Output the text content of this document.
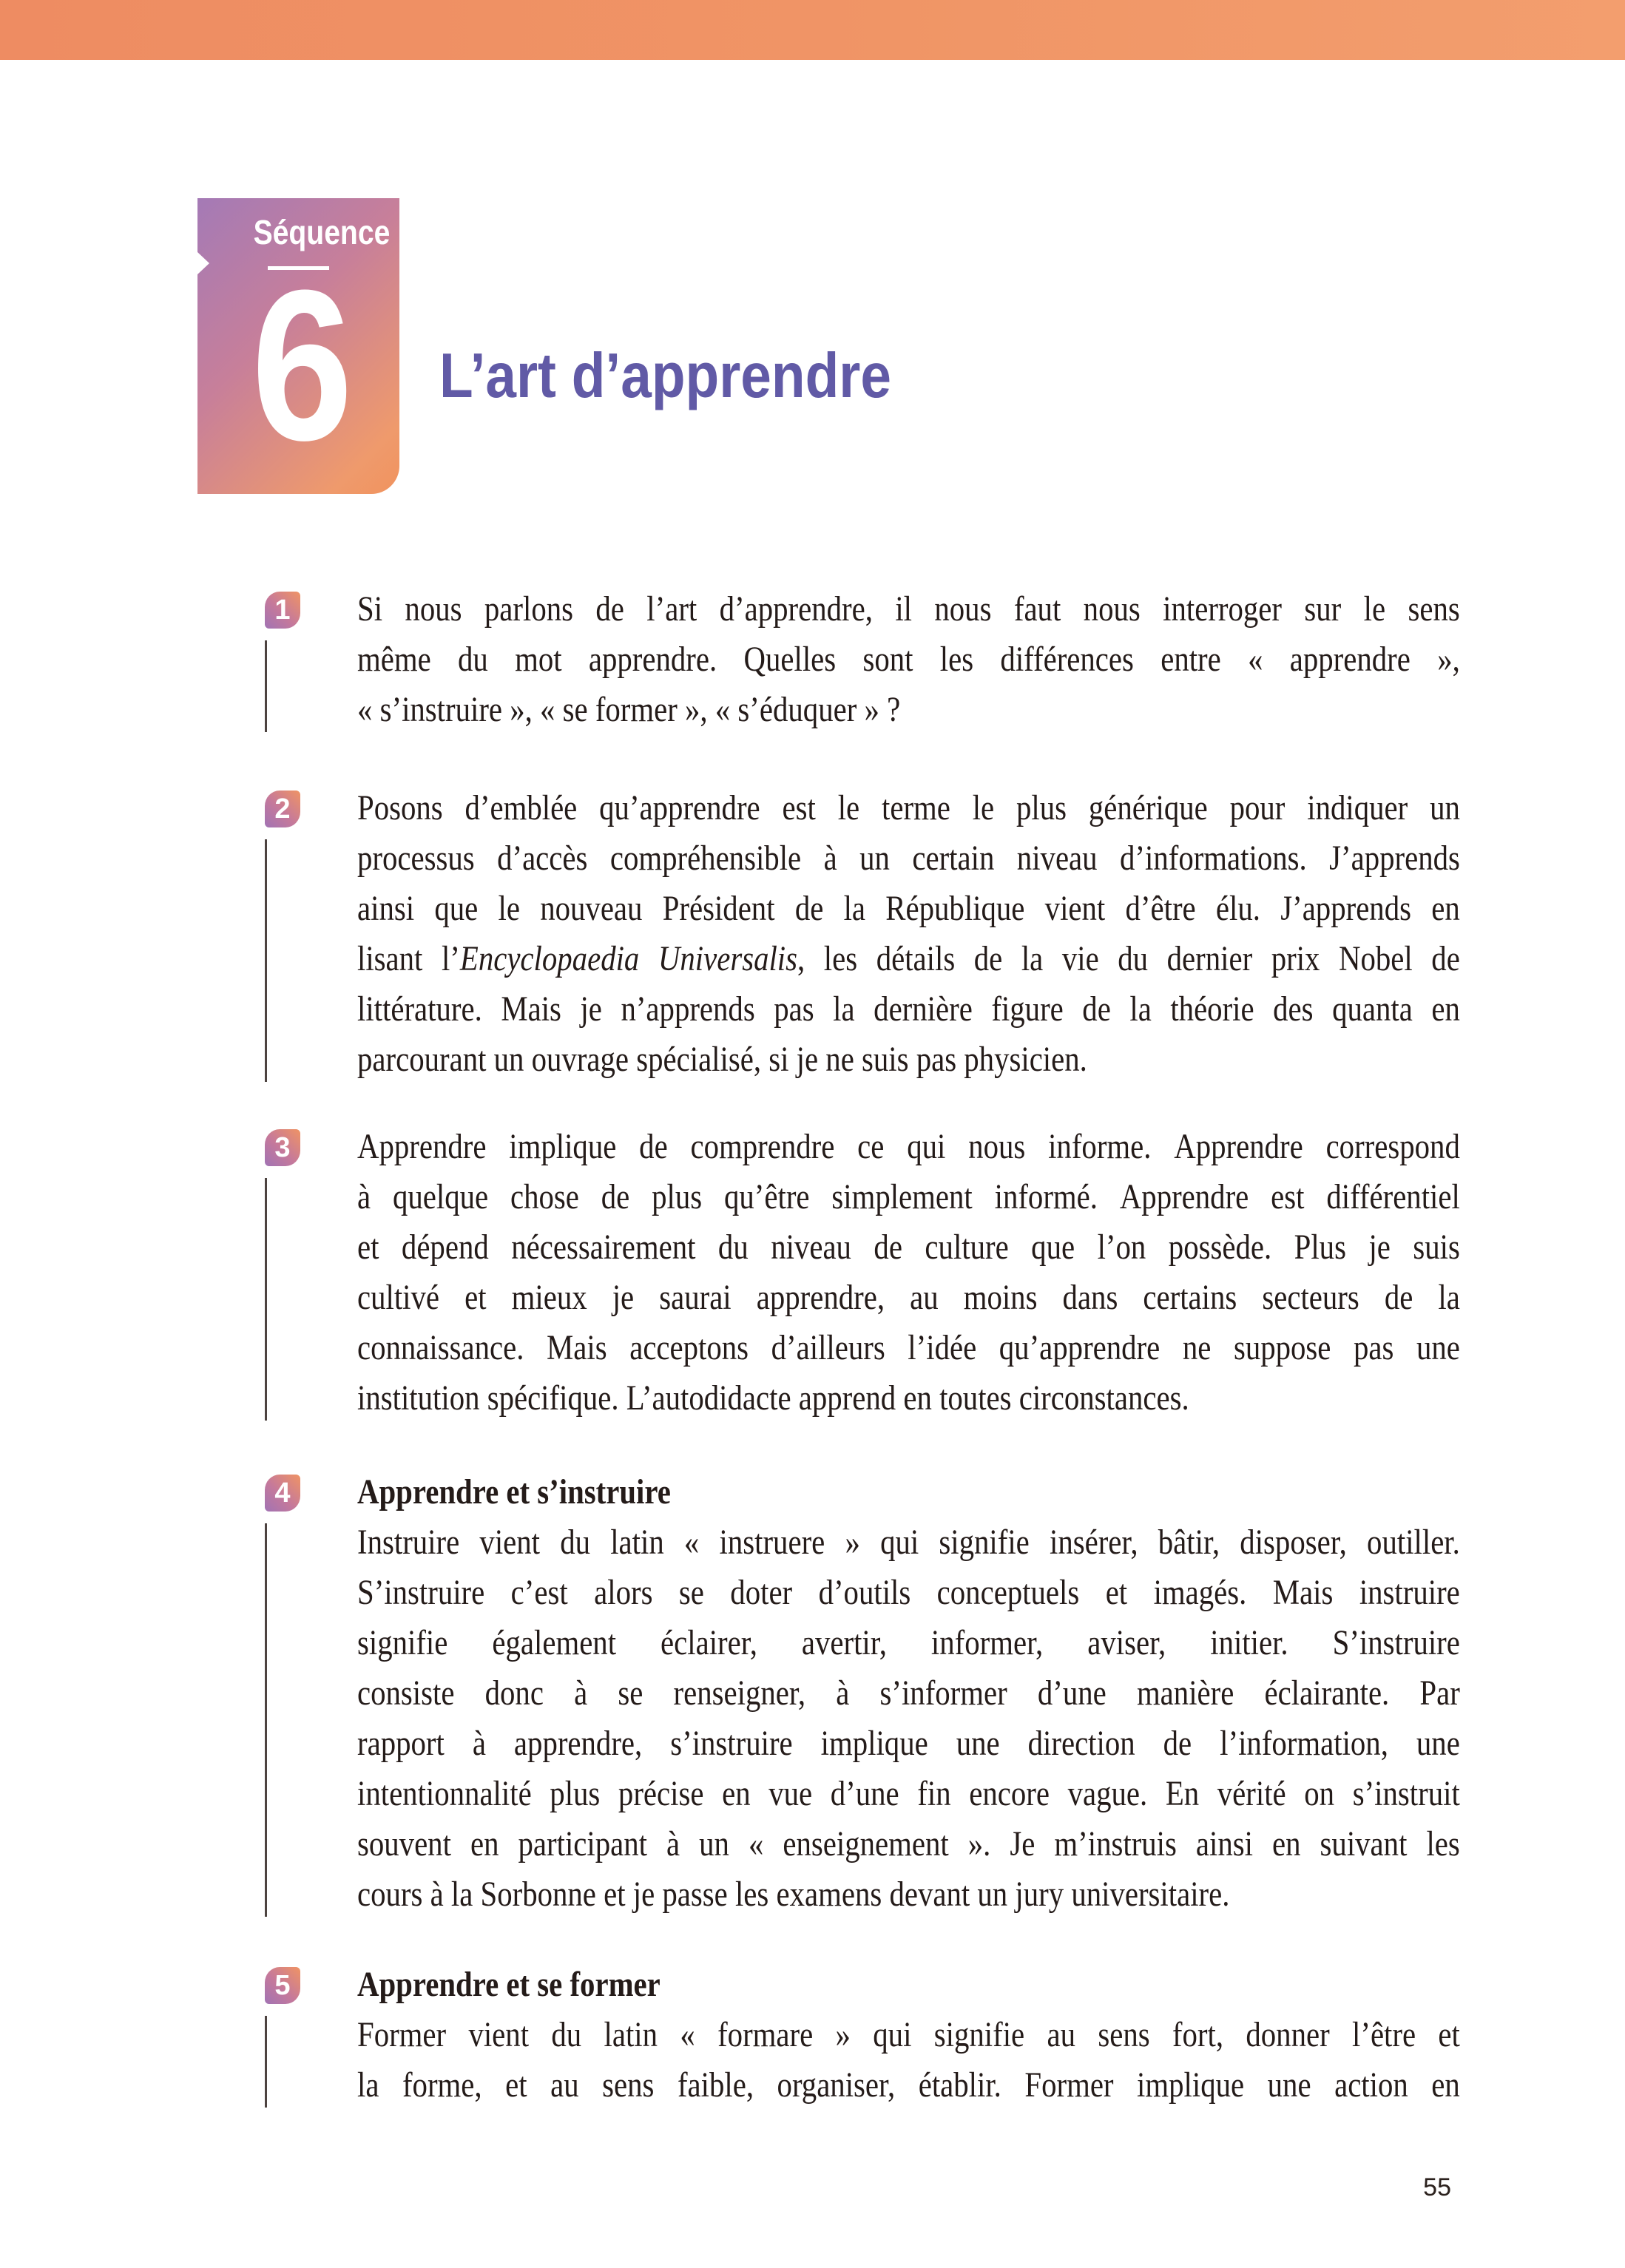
Séquence
6 L’art d’apprendre
Si nous parlons de l’art d’apprendre, il nous faut nous interroger sur le sens
même du mot apprendre. Quelles sont les différences entre « apprendre »,
« s’instruire », « se former », « s’éduquer » ?
1
Posons d’emblée qu’apprendre est le terme le plus générique pour indiquer un
processus d’accès compréhensible à un certain niveau d’informations. J’apprends
ainsi que le nouveau Président de la République vient d’être élu. J’apprends en
lisant l’Encyclopaedia Universalis, les détails de la vie du dernier prix Nobel de
littérature. Mais je n’apprends pas la dernière figure de la théorie des quanta en
parcourant un ouvrage spécialisé, si je ne suis pas physicien.
2
Apprendre implique de comprendre ce qui nous informe. Apprendre correspond
à quelque chose de plus qu’être simplement informé. Apprendre est différentiel
et dépend nécessairement du niveau de culture que l’on possède. Plus je suis
cultivé et mieux je saurai apprendre, au moins dans certains secteurs de la
connaissance. Mais acceptons d’ailleurs l’idée qu’apprendre ne suppose pas une
institution spécifique. L’autodidacte apprend en toutes circonstances.
3
Apprendre et s’instruire
Instruire vient du latin « instruere » qui signifie insérer, bâtir, disposer, outiller.
S’instruire c’est alors se doter d’outils conceptuels et imagés. Mais instruire
signifie également éclairer, avertir, informer, aviser, initier. S’instruire
consiste donc à se renseigner, à s’informer d’une manière éclairante. Par
rapport à apprendre, s’instruire implique une direction de l’information, une
intentionnalité plus précise en vue d’une fin encore vague. En vérité on s’instruit
souvent en participant à un « enseignement ». Je m’instruis ainsi en suivant les
cours à la Sorbonne et je passe les examens devant un jury universitaire.
4
Apprendre et se former
Former vient du latin « formare » qui signifie au sens fort, donner l’être et
la forme, et au sens faible, organiser, établir. Former implique une action en
5
55
